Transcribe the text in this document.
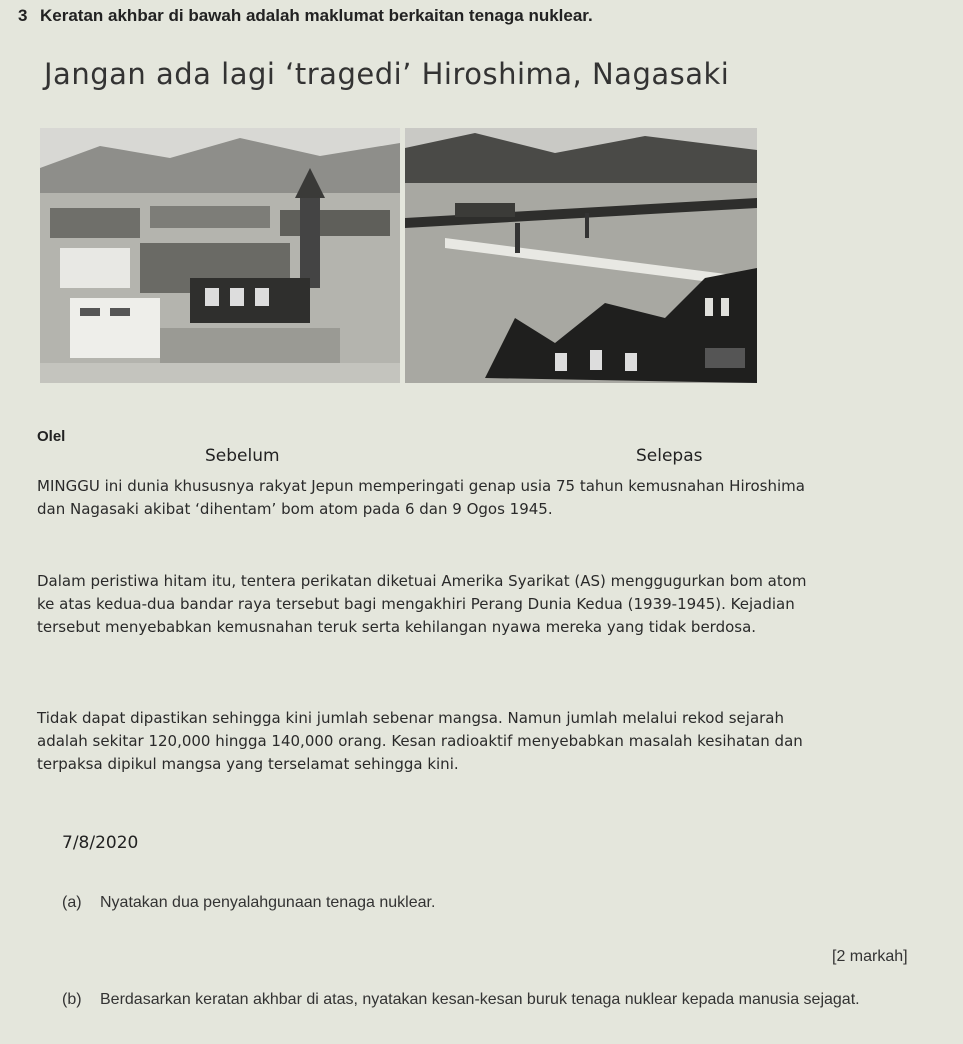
3 Keratan akhbar di bawah adalah maklumat berkaitan tenaga nuklear.
Jangan ada lagi ‘tragedi’ Hiroshima, Nagasaki
Olel
Sebelum	Selepas
MINGGU ini dunia khususnya rakyat Jepun memperingati genap usia 75 tahun kemusnahan Hiroshima dan Nagasaki akibat ‘dihentam’ bom atom pada 6 dan 9 Ogos 1945.
Dalam peristiwa hitam itu, tentera perikatan diketuai Amerika Syarikat (AS) menggugurkan bom atom ke atas kedua-dua bandar raya tersebut bagi mengakhiri Perang Dunia Kedua (1939-1945). Kejadian tersebut menyebabkan kemusnahan teruk serta kehilangan nyawa mereka yang tidak berdosa.
Tidak dapat dipastikan sehingga kini jumlah sebenar mangsa. Namun jumlah melalui rekod sejarah adalah sekitar 120,000 hingga 140,000 orang. Kesan radioaktif menyebabkan masalah kesihatan dan terpaksa dipikul mangsa yang terselamat sehingga kini.
7/8/2020
(a) Nyatakan dua penyalahgunaan tenaga nuklear.
[2 markah]
(b) Berdasarkan keratan akhbar di atas, nyatakan kesan-kesan buruk tenaga nuklear kepada manusia sejagat.
